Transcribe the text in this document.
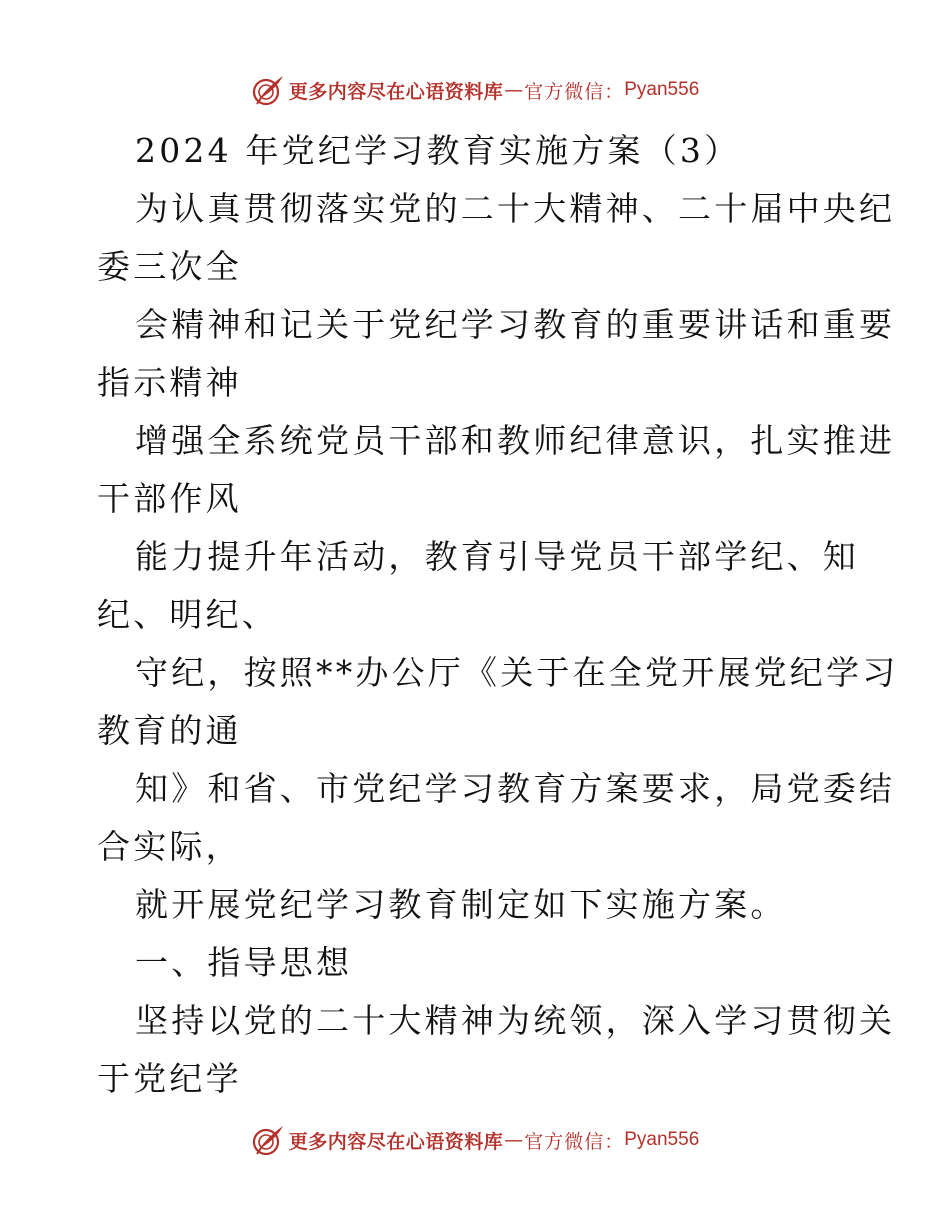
更多内容尽在心语资料库 — 官方微信： Pyan556
2024 年党纪学习教育实施方案（3）
为认真贯彻落实党的二十大精神、二十届中央纪
委三次全
会精神和记关于党纪学习教育的重要讲话和重要
指示精神
增强全系统党员干部和教师纪律意识，扎实推进
干部作风
能力提升年活动，教育引导党员干部学纪、知
纪、明纪、
守纪，按照**办公厅《关于在全党开展党纪学习
教育的通
知》和省、市党纪学习教育方案要求，局党委结
合实际，
就开展党纪学习教育制定如下实施方案。
一、指导思想
坚持以党的二十大精神为统领，深入学习贯彻关
于党纪学
更多内容尽在心语资料库 — 官方微信： Pyan556
